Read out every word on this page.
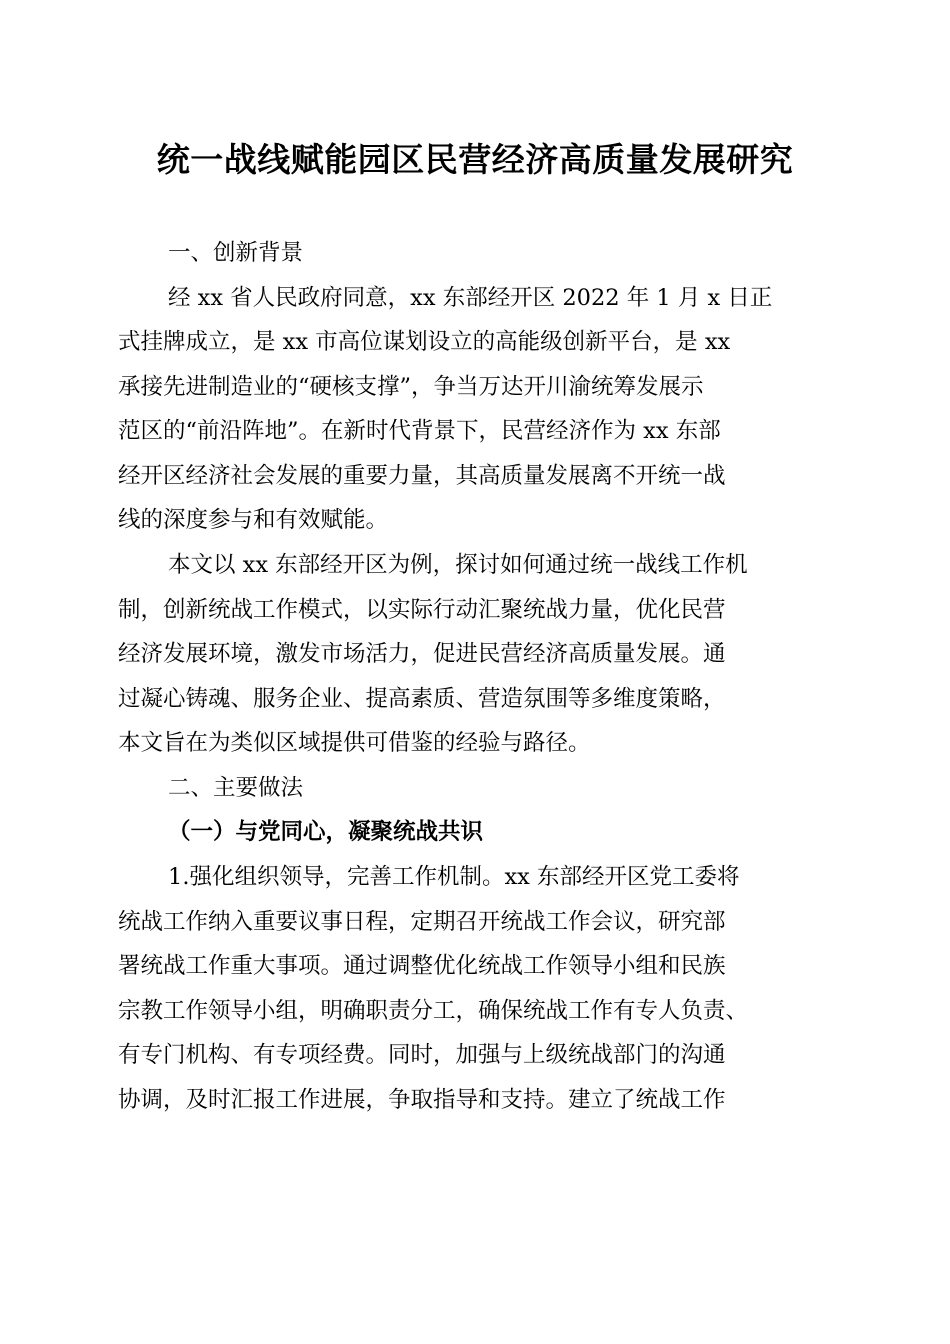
统一战线赋能园区民营经济高质量发展研究
一、创新背景
经 xx 省人民政府同意，xx 东部经开区 2022 年 1 月 x 日正
式挂牌成立，是 xx 市高位谋划设立的高能级创新平台，是 xx
承接先进制造业的“硬核支撑”，争当万达开川渝统筹发展示
范区的“前沿阵地”。在新时代背景下，民营经济作为 xx 东部
经开区经济社会发展的重要力量，其高质量发展离不开统一战
线的深度参与和有效赋能。
本文以 xx 东部经开区为例，探讨如何通过统一战线工作机
制，创新统战工作模式，以实际行动汇聚统战力量，优化民营
经济发展环境，激发市场活力，促进民营经济高质量发展。通
过凝心铸魂、服务企业、提高素质、营造氛围等多维度策略，
本文旨在为类似区域提供可借鉴的经验与路径。
二、主要做法
（一）与党同心，凝聚统战共识
1.强化组织领导，完善工作机制。xx 东部经开区党工委将
统战工作纳入重要议事日程，定期召开统战工作会议，研究部
署统战工作重大事项。通过调整优化统战工作领导小组和民族
宗教工作领导小组，明确职责分工，确保统战工作有专人负责、
有专门机构、有专项经费。同时，加强与上级统战部门的沟通
协调，及时汇报工作进展，争取指导和支持。建立了统战工作
